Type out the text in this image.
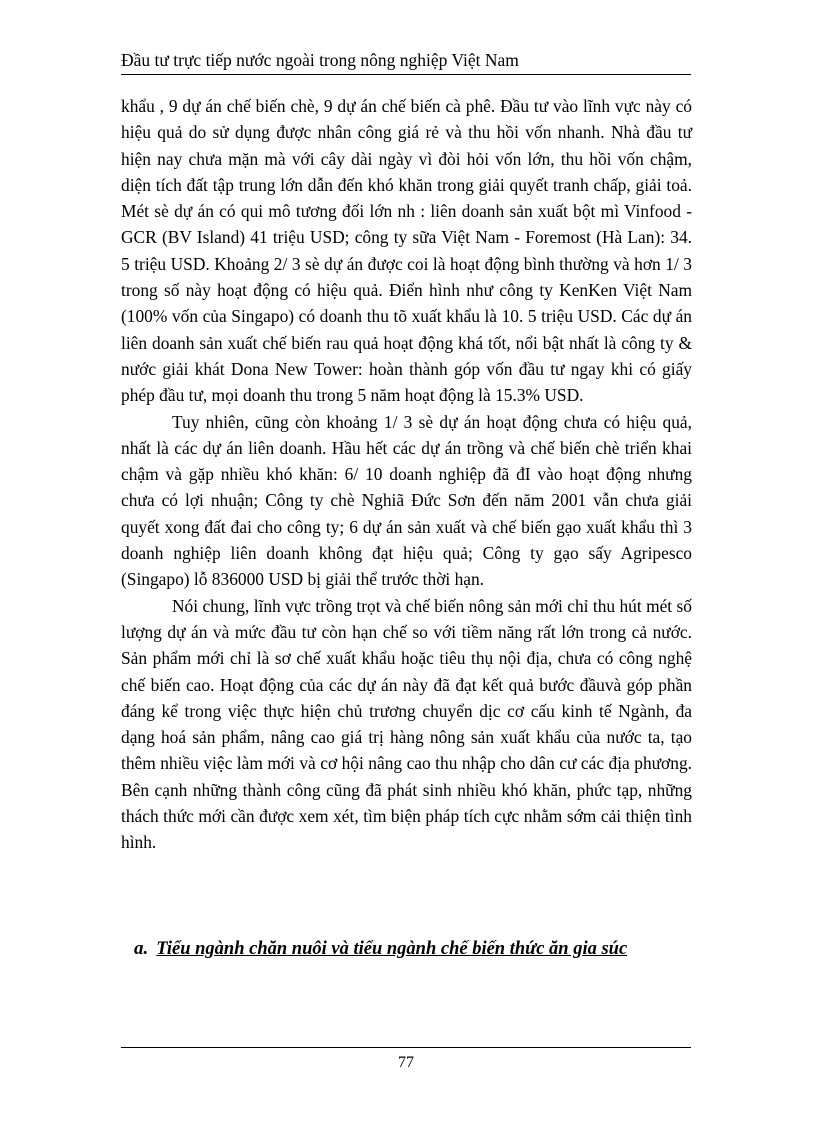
Đầu tư trực tiếp nước ngoài trong nông nghiệp Việt Nam

khẩu , 9 dự án chế biến chè, 9 dự án chế biến cà phê. Đầu tư vào lĩnh vực này có hiệu quả do sử dụng được nhân công giá rẻ và thu hồi vốn nhanh. Nhà đầu tư hiện nay chưa mặn mà với cây dài ngày vì đòi hỏi vốn lớn, thu hồi vốn chậm, diện tích đất tập trung lớn dẫn đến khó khăn trong giải quyết tranh chấp, giải toả. Mét sè dự án có qui mô tương đối lớn nh : liên doanh sản xuất bột mì Vinfood - GCR (BV Island) 41 triệu USD; công ty sữa Việt Nam - Foremost (Hà Lan): 34. 5 triệu USD. Khoảng 2/ 3 sè dự án được coi là hoạt động bình thường và hơn 1/ 3 trong số này hoạt động có hiệu quả. Điển hình như công ty KenKen Việt Nam (100% vốn của Singapo) có doanh thu tõ xuất khẩu là 10. 5 triệu USD. Các dự án liên doanh sản xuất chế biến rau quả hoạt động khá tốt, nổi bật nhất là công ty & nước giải khát Dona New Tower: hoàn thành góp vốn đầu tư ngay khi có giấy phép đầu tư, mọi doanh thu trong 5 năm hoạt động là 15.3% USD.

Tuy nhiên, cũng còn khoảng 1/ 3 sè dự án hoạt động chưa có hiệu quả, nhất là các dự án liên doanh. Hầu hết các dự án trồng và chế biến chè triển khai chậm và gặp nhiều khó khăn: 6/ 10 doanh nghiệp đã đI vào hoạt động nhưng chưa có lợi nhuận; Công ty chè Nghiã Đức Sơn đến năm 2001 vẫn chưa giải quyết xong đất đai cho công ty; 6 dự án sản xuất và chế biến gạo xuất khẩu thì 3 doanh nghiệp liên doanh không đạt hiệu quả; Công ty gạo sấy Agripesco (Singapo) lỗ 836000 USD bị giải thể trước thời hạn.

Nói chung, lĩnh vực trồng trọt và chế biến nông sản mới chỉ thu hút mét số lượng dự án và mức đầu tư còn hạn chế so với tiềm năng rất lớn trong cả nước. Sản phẩm mới chỉ là sơ chế xuất khẩu hoặc tiêu thụ nội địa, chưa có công nghệ chế biến cao. Hoạt động của các dự án này đã đạt kết quả bước đầuvà góp phần đáng kể trong việc thực hiện chủ trương chuyển dịc cơ cấu kinh tế Ngành, đa dạng hoá sản phẩm, nâng cao giá trị hàng nông sản xuất khẩu của nước ta, tạo thêm nhiều việc làm mới và cơ hội nâng cao thu nhập cho dân cư các địa phương. Bên cạnh những thành công cũng đã phát sinh nhiều khó khăn, phức tạp, những thách thức mới cần được xem xét, tìm biện pháp tích cực nhằm sớm cải thiện tình hình.

a. Tiểu ngành chăn nuôi và tiểu ngành chế biến thức ăn gia súc
77
